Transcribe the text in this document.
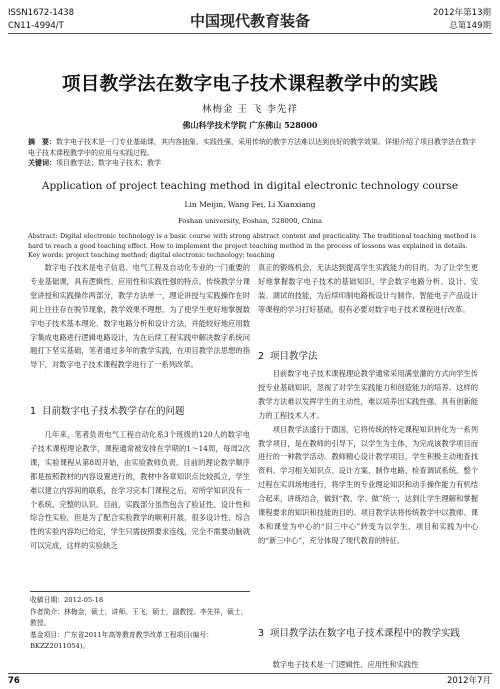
ISSN1672-1438
CN11-4994/T	中国现代教育装备	2012年第13期
总第149期
项目教学法在数字电子技术课程教学中的实践
林梅金 王 飞 李先祥
佛山科学技术学院 广东佛山 528000

摘　要：数字电子技术是一门专业基础课，其内容抽象、实践性强，采用传统的教学方法难以达到良好的教学效果。详细介绍了项目教学法在数字电子技术课程教学中的应用与实践过程。

关键词：项目教学法；数字电子技术；教学

Application of project teaching method in digital electronic technology course
Lin Meijin, Wang Fei, Li Xianxiang
Foshan university, Foshan, 528000, China

Abstract: Digital electronic technology is a basic course with strong abstract content and practicality. The traditional teaching method is hard to reach a good teaching effect. How to implement the project teaching method in the process of lessons was explained in details.

Key words: project teaching method; digital electronic technology; teaching

数字电子技术是电子信息、电气工程及自动化专业的一门重要的专业基础课，具有逻辑性、应用性和实践性强的特点。传统教学分课堂讲授和实践操作两部分，教学方法单一，理论讲授与实践操作在时间上往往存在脱节现象，教学效果不理想。为了使学生更好地掌握数字电子技术基本理论、数字电路分析和设计方法，并能较好地应用数字集成电路进行逻辑电路设计，为在后续工程实践中解决数字系统问题打下坚实基础，笔者通过多年的教学实践，在项目教学法思想的指导下，对数字电子技术课程教学进行了一系列改革。

1 目前数字电子技术教学存在的问题

几年来，笔者负责电气工程自动化系3个班级的120人的数字电子技术课程理论教学，课程通常被安排在学期的1～14周，每周2次课，实验课程从第8周开始，由实验教师负责。目前的理论教学顺序都是按照教材的内容设置进行的，教材中各章知识点比较孤立，学生难以建立内容间的联系，在学习完本门课程之后，对所学知识没有一个系统、完整的认识。目前，实践部分虽然包含了验证性、设计性和综合性实验，但是为了配合实验教学的顺利开展，很多设计性、综合性的实验内容均已给定，学生只需按照要求连线，完全不需要动脑就可以完成，这样的实验缺乏

收稿日期：2012-05-18

作者简介：林梅金，硕士，讲师。王飞，硕士，副教授。李先祥，硕士，教授。

基金项目：广东省2011年高等教育教学改革工程项目(编号：BKZZ2011054)。

真正的锻炼机会，无法达到提高学生实践能力的目的。为了让学生更好地掌握数字电子技术的基础知识，学会数字电路分析、设计、安装、调试的技能，为后续印制电路板设计与制作、智能电子产品设计等课程的学习打好基础，很有必要对数字电子技术课程进行改革。

2 项目教学法

目前数字电子技术课程理论教学通常采用满堂灌的方式向学生传授专业基础知识，忽视了对学生实践能力和创造能力的培养。这样的教学方法难以发挥学生的主动性，难以培养出实践性强、具有创新能力的工程技术人才。

项目教学法盛行于德国，它将传统的特定课程知识转化为一系列教学项目，是在教师的引导下，以学生为主体，为完成该教学项目而进行的一种教学活动。教师精心设计教学项目，学生积极主动地查找资料、学习相关知识点、设计方案、制作电路、检查调试系统。整个过程在实训场地进行，将学生的专业理论知识和动手操作能力有机结合起来，讲练结合，做到“教、学、做”统一，达到让学生理解和掌握课程要求的知识和技能的目的。项目教学法将传统教学中以教师、课本和课堂为中心的“旧三中心”转变为以学生、项目和实践为中心的“新三中心”，充分体现了现代教育的特征。

3 项目教学法在数字电子技术课程中的教学实践

数字电子技术是一门逻辑性、应用性和实践性

76	2012年7月
